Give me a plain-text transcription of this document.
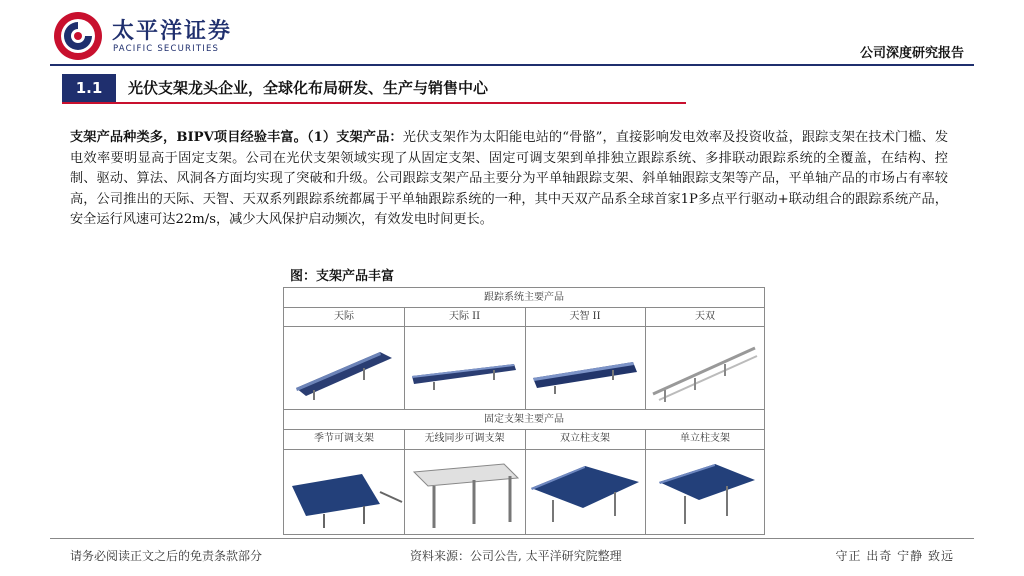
太平洋证券
PACIFIC SECURITIES	公司深度研究报告
1.1	光伏支架龙头企业，全球化布局研发、生产与销售中心
支架产品种类多，BIPV项目经验丰富。（1）支架产品：光伏支架作为太阳能电站的“骨骼”，直接影响发电效率及投资收益，跟踪支架在技术门槛、发电效率要明显高于固定支架。公司在光伏支架领域实现了从固定支架、固定可调支架到单排独立跟踪系统、多排联动跟踪系统的全覆盖，在结构、控制、驱动、算法、风洞各方面均实现了突破和升级。公司跟踪支架产品主要分为平单轴跟踪支架、斜单轴跟踪支架等产品，平单轴产品的市场占有率较高，公司推出的天际、天智、天双系列跟踪系统都属于平单轴跟踪系统的一种，其中天双产品系全球首家1P多点平行驱动+联动组合的跟踪系统产品，安全运行风速可达22m/s，减少大风保护启动频次，有效发电时间更长。
图：支架产品丰富
跟踪系统主要产品
天际	天际 II	天智 II	天双
固定支架主要产品
季节可调支架	无线同步可调支架	双立柱支架	单立柱支架
请务必阅读正文之后的免责条款部分	资料来源：公司公告, 太平洋研究院整理	守正 出奇 宁静 致远
